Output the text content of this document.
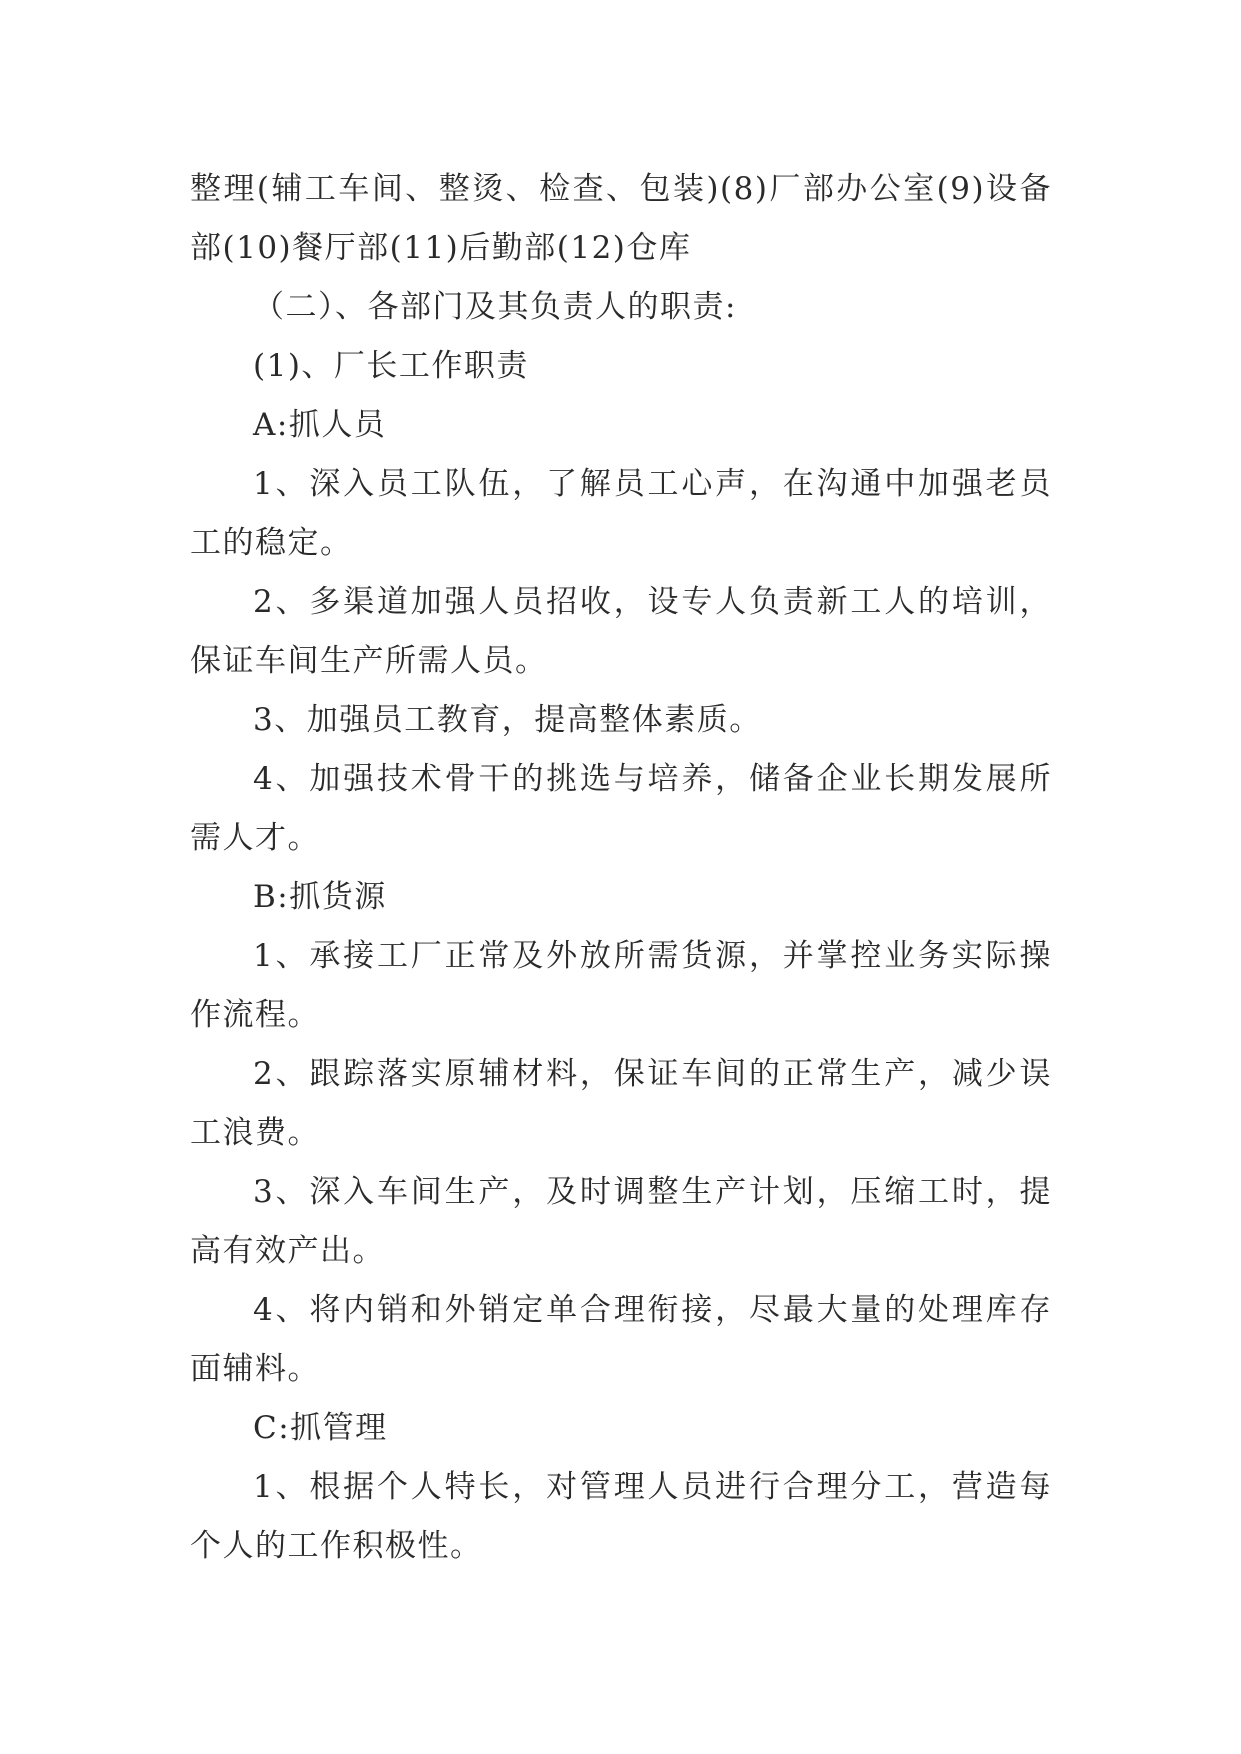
整理(辅工车间、整烫、检查、包装)(8)厂部办公室(9)设备部(10)餐厅部(11)后勤部(12)仓库

（二）、各部门及其负责人的职责:

(1)、厂长工作职责

A:抓人员

1、深入员工队伍，了解员工心声，在沟通中加强老员工的稳定。

2、多渠道加强人员招收，设专人负责新工人的培训，保证车间生产所需人员。

3、加强员工教育，提高整体素质。

4、加强技术骨干的挑选与培养，储备企业长期发展所需人才。

B:抓货源

1、承接工厂正常及外放所需货源，并掌控业务实际操作流程。

2、跟踪落实原辅材料，保证车间的正常生产，减少误工浪费。

3、深入车间生产，及时调整生产计划，压缩工时，提高有效产出。

4、将内销和外销定单合理衔接，尽最大量的处理库存面辅料。

C:抓管理

1、根据个人特长，对管理人员进行合理分工，营造每个人的工作积极性。
